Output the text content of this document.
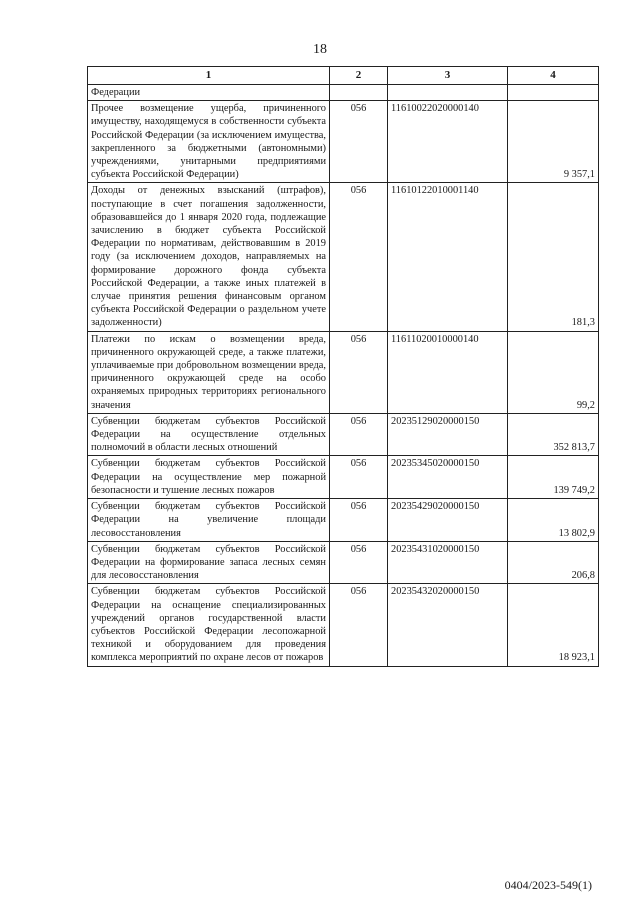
18
1	2	3	4
Федерации			
Прочее возмещение ущерба, причиненного имуществу, находящемуся в собственности субъекта Российской Федерации (за исключением имущества, закрепленного за бюджетными (автономными) учреждениями, унитарными предприятиями субъекта Российской Федерации)	056	11610022020000140	9 357,1
Доходы от денежных взысканий (штрафов), поступающие в счет погашения задолженности, образовавшейся до 1 января 2020 года, подлежащие зачислению в бюджет субъекта Российской Федерации по нормативам, действовавшим в 2019 году (за исключением доходов, направляемых на формирование дорожного фонда субъекта Российской Федерации, а также иных платежей в случае принятия решения финансовым органом субъекта Российской Федерации о раздельном учете задолженности)	056	11610122010001140	181,3
Платежи по искам о возмещении вреда, причиненного окружающей среде, а также платежи, уплачиваемые при добровольном возмещении вреда, причиненного окружающей среде на особо охраняемых природных территориях регионального значения	056	11611020010000140	99,2
Субвенции бюджетам субъектов Российской Федерации на осуществление отдельных полномочий в области лесных отношений	056	20235129020000150	352 813,7
Субвенции бюджетам субъектов Российской Федерации на осуществление мер пожарной безопасности и тушение лесных пожаров	056	20235345020000150	139 749,2
Субвенции бюджетам субъектов Российской Федерации на увеличение площади лесовосстановления	056	20235429020000150	13 802,9
Субвенции бюджетам субъектов Российской Федерации на формирование запаса лесных семян для лесовосстановления	056	20235431020000150	206,8
Субвенции бюджетам субъектов Российской Федерации на оснащение специализированных учреждений органов государственной власти субъектов Российской Федерации лесопожарной техникой и оборудованием для проведения комплекса мероприятий по охране лесов от пожаров	056	20235432020000150	18 923,1
0404/2023-549(1)
